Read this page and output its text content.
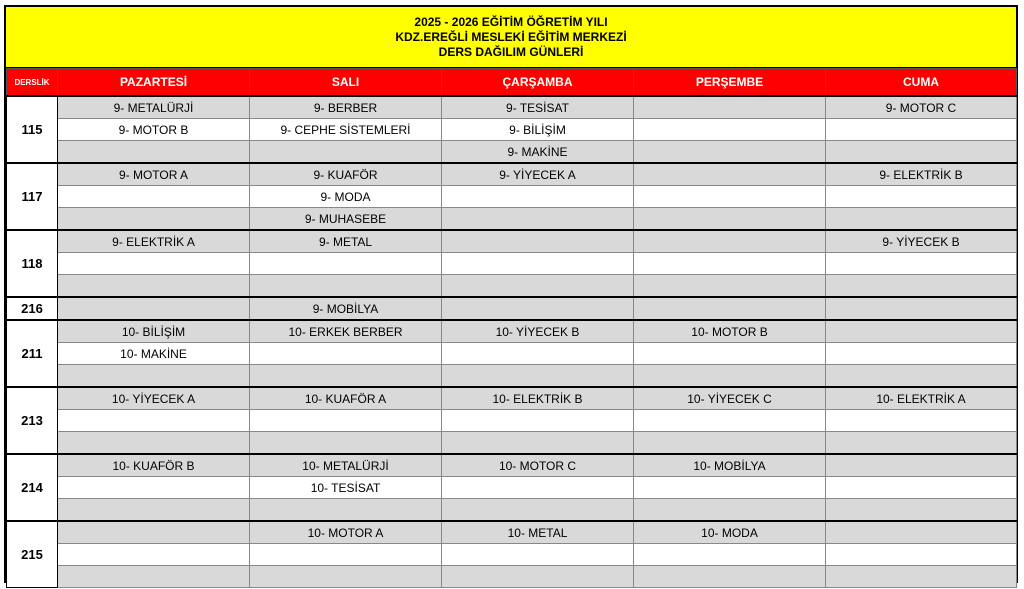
2025 - 2026 EĞİTİM ÖĞRETİM YILI
KDZ.EREĞLİ MESLEKİ EĞİTİM MERKEZİ
DERS DAĞILIM GÜNLERİ
DERSLİK	PAZARTESİ	SALI	ÇARŞAMBA	PERŞEMBE	CUMA
115	9- METALÜRJİ	9- BERBER	9- TESİSAT		9- MOTOR C
	9- MOTOR B	9- CEPHE SİSTEMLERİ	9- BİLİŞİM		
			9- MAKİNE		
117	9- MOTOR A	9- KUAFÖR	9- YİYECEK A		9- ELEKTRİK B
		9- MODA			
		9- MUHASEBE			
118	9- ELEKTRİK A	9- METAL			9- YİYECEK B

216		9- MOBİLYA			
211	10- BİLİŞİM	10- ERKEK BERBER	10- YİYECEK B	10- MOTOR B	
	10- MAKİNE				

213	10- YİYECEK A	10- KUAFÖR A	10- ELEKTRİK B	10- YİYECEK C	10- ELEKTRİK A

214	10- KUAFÖR B	10- METALÜRJİ	10- MOTOR C	10- MOBİLYA	
		10- TESİSAT			

215		10- MOTOR A	10- METAL	10- MODA	
